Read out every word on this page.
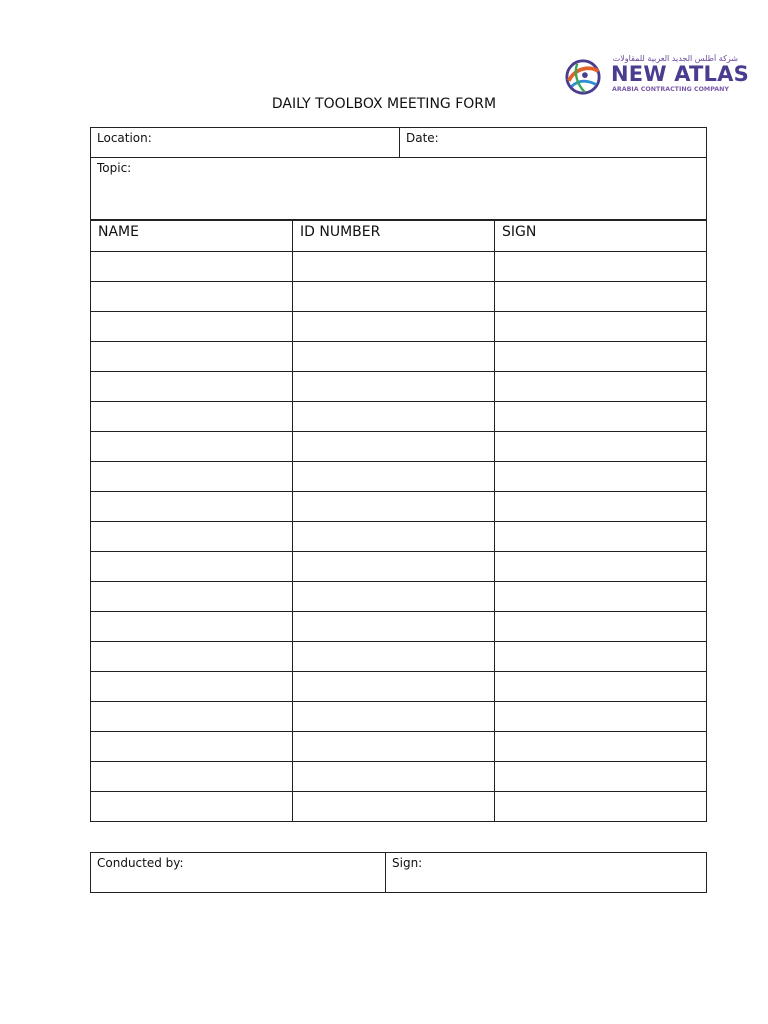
شركة أطلس الجديد العربية للمقاولات
NEW ATLAS
ARABIA CONTRACTING COMPANY
DAILY TOOLBOX MEETING FORM
Location:	Date:

Topic:
NAME	ID NUMBER	SIGN

Conducted by:	Sign:
